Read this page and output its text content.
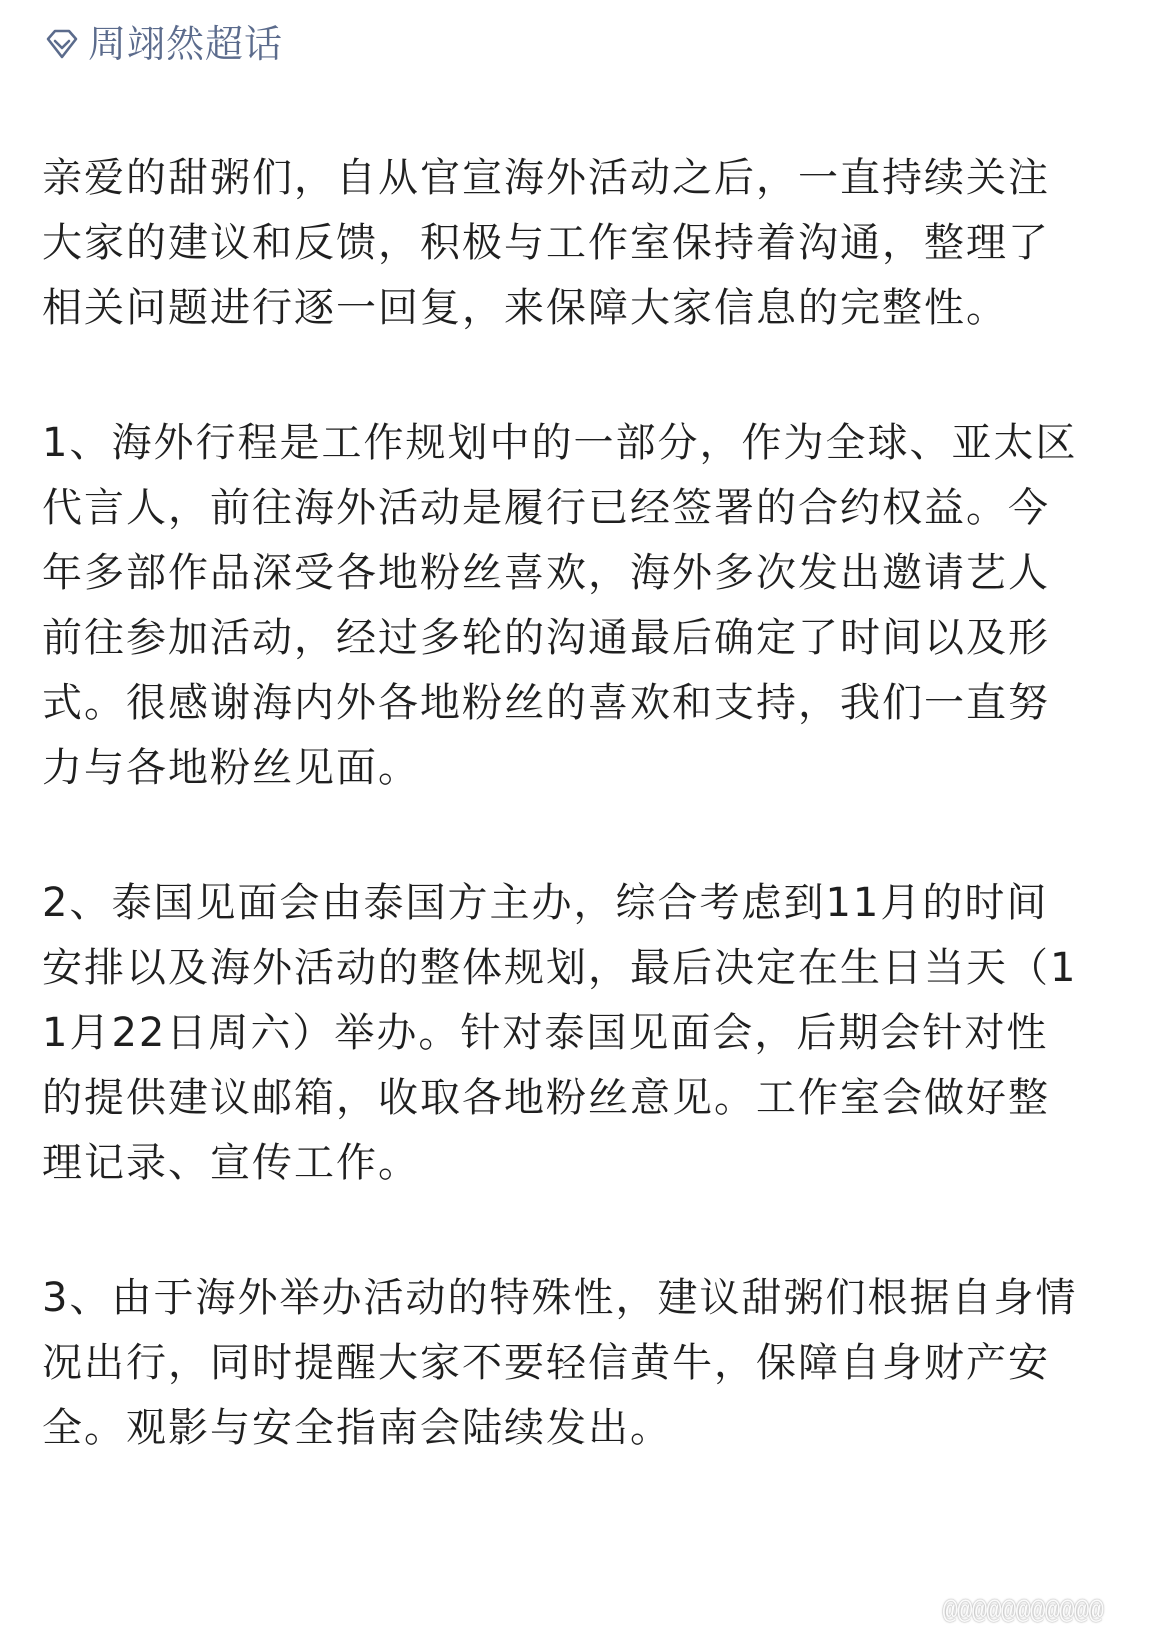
周翊然超话

亲爱的甜粥们，自从官宣海外活动之后，一直持续关注大家的建议和反馈，积极与工作室保持着沟通，整理了相关问题进行逐一回复，来保障大家信息的完整性。

1、海外行程是工作规划中的一部分，作为全球、亚太区代言人，前往海外活动是履行已经签署的合约权益。今年多部作品深受各地粉丝喜欢，海外多次发出邀请艺人前往参加活动，经过多轮的沟通最后确定了时间以及形式。很感谢海内外各地粉丝的喜欢和支持，我们一直努力与各地粉丝见面。

2、泰国见面会由泰国方主办，综合考虑到11月的时间安排以及海外活动的整体规划，最后决定在生日当天（11月22日周六）举办。针对泰国见面会，后期会针对性的提供建议邮箱，收取各地粉丝意见。工作室会做好整理记录、宣传工作。

3、由于海外举办活动的特殊性，建议甜粥们根据自身情况出行，同时提醒大家不要轻信黄牛，保障自身财产安全。观影与安全指南会陆续发出。

@@@@@@@@@@@
